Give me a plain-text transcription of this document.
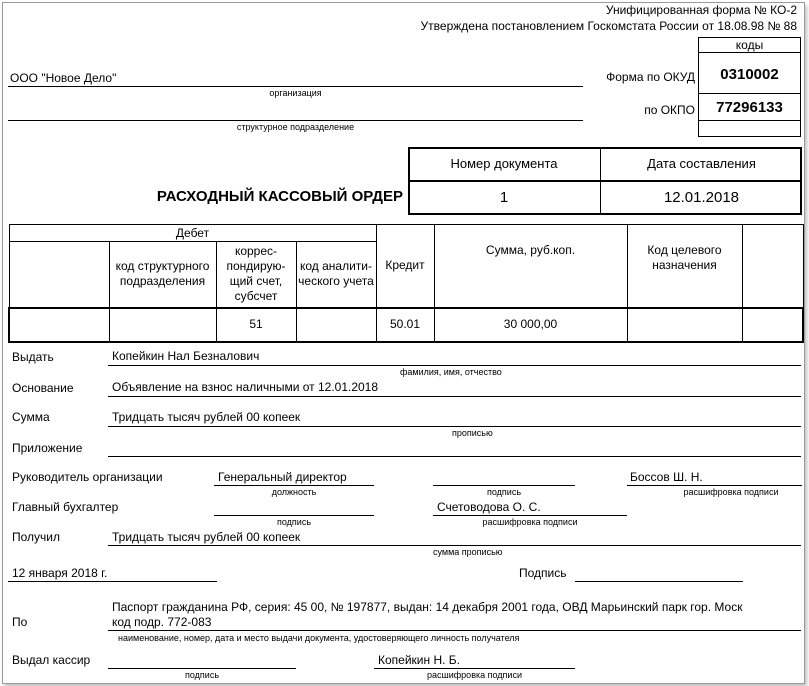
Унифицированная форма № КО-2
Утверждена постановлением Госкомстата России от 18.08.98 № 88
коды
0310002
77296133
Форма по ОКУД
по ОКПО
ООО "Новое Дело"
организация
структурное подразделение
Номер документа	Дата составления
1	12.01.2018
РАСХОДНЫЙ КАССОВЫЙ ОРДЕР
Дебет				Кредит	Сумма, руб.коп.	Код целевого назначения	
	код структурного подразделения	коррес-пондирую-щий счет, субсчет	код аналити-ческого учета				
		51		50.01	30 000,00		
Выдать	Копейкин Нал Безналович
фамилия, имя, отчество
Основание	Объявление на взнос наличными от 12.01.2018
Сумма	Тридцать тысяч рублей 00 копеек
прописью
Приложение
Руководитель организации	Генеральный директор
должность	подпись
Боссов Ш. Н.
расшифровка подписи
Главный бухгалтер
подпись
Счетоводова О. С.
расшифровка подписи
Получил	Тридцать тысяч рублей 00 копеек
сумма прописью
12 января 2018 г.	Подпись
По
Паспорт гражданина РФ, серия: 45 00, № 197877, выдан: 14 декабря 2001 года, ОВД Марьинский парк гор. Моск
код подр. 772-083
наименование, номер, дата и место выдачи документа, удостоверяющего личность получателя
Выдал кассир
подпись
Копейкин Н. Б.
расшифровка подписи
